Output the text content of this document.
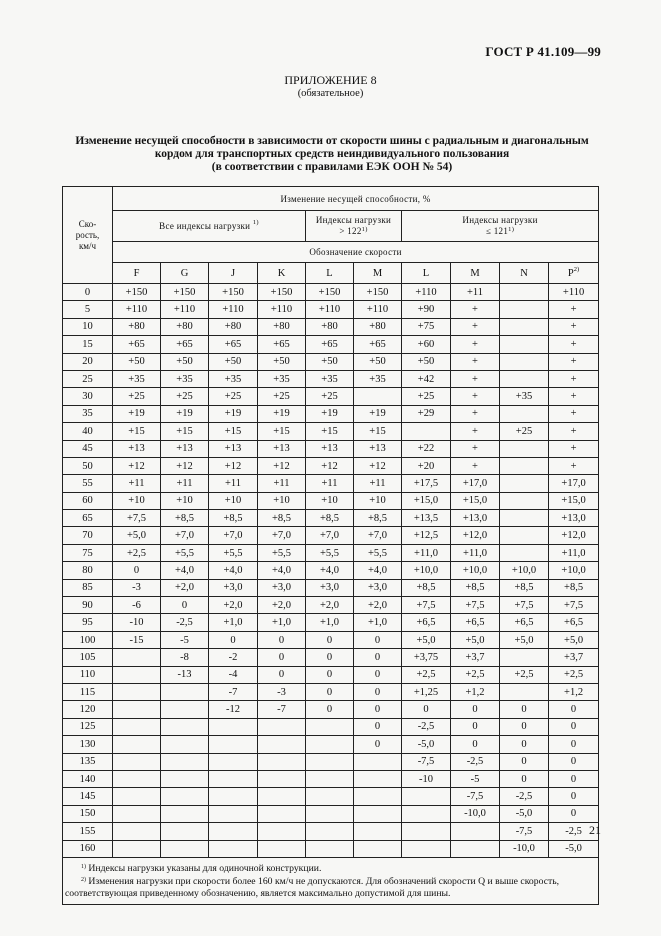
ГОСТ Р 41.109—99
ПРИЛОЖЕНИЕ 8
(обязательное)
Изменение несущей способности в зависимости от скорости шины с радиальным и диагональным
кордом для транспортных средств неиндивидуального пользования
(в соответствии с правилами ЕЭК ООН № 54)
Ско-
рость,
км/ч	Изменение несущей способности, %									
	Все индексы нагрузки $^{1)}$				Индексы нагрузки
> $122^{1)}$		Индексы нагрузки
≤ $121^{1)}$
	Обозначение скорости									
	F	G	J	K	L	M	L	M	N	$P^{2)}$
0	+150	+150	+150	+150	+150	+150	+110	+11		+110
5	+110	+110	+110	+110	+110	+110	+90	+		+
10	+80	+80	+80	+80	+80	+80	+75	+		+
15	+65	+65	+65	+65	+65	+65	+60	+		+
20	+50	+50	+50	+50	+50	+50	+50	+		+
25	+35	+35	+35	+35	+35	+35	+42	+		+
30	+25	+25	+25	+25	+25		+25	+	+35	+
35	+19	+19	+19	+19	+19	+19	+29	+		+
40	+15	+15	+15	+15	+15	+15		+	+25	+
45	+13	+13	+13	+13	+13	+13	+22	+		+
50	+12	+12	+12	+12	+12	+12	+20	+		+
55	+11	+11	+11	+11	+11	+11	+17,5	+17,0		+17,0
60	+10	+10	+10	+10	+10	+10	+15,0	+15,0		+15,0
65	+7,5	+8,5	+8,5	+8,5	+8,5	+8,5	+13,5	+13,0		+13,0
70	+5,0	+7,0	+7,0	+7,0	+7,0	+7,0	+12,5	+12,0		+12,0
75	+2,5	+5,5	+5,5	+5,5	+5,5	+5,5	+11,0	+11,0		+11,0
80	0	+4,0	+4,0	+4,0	+4,0	+4,0	+10,0	+10,0	+10,0	+10,0
85	-3	+2,0	+3,0	+3,0	+3,0	+3,0	+8,5	+8,5	+8,5	+8,5
90	-6	0	+2,0	+2,0	+2,0	+2,0	+7,5	+7,5	+7,5	+7,5
95	-10	-2,5	+1,0	+1,0	+1,0	+1,0	+6,5	+6,5	+6,5	+6,5
100	-15	-5	0	0	0	0	+5,0	+5,0	+5,0	+5,0
105		-8	-2	0	0	0	+3,75	+3,7		+3,7
110		-13	-4	0	0	0	+2,5	+2,5	+2,5	+2,5
115			-7	-3	0	0	+1,25	+1,2		+1,2
120			-12	-7	0	0	0	0	0	0
125						0	-2,5	0	0	0
130						0	-5,0	0	0	0
135							-7,5	-2,5	0	0
140							-10	-5	0	0
145								-7,5	-2,5	0
150								-10,0	-5,0	0
155									-7,5	-2,5
160									-10,0	-5,0

$^{1)}$ Индексы нагрузки указаны для одиночной конструкции.
$^{2)}$ Изменения нагрузки при скорости более 160 км/ч не допускаются. Для обозначений скорости Q и выше скорость, соответствующая приведенному обозначению, является максимально допустимой для шины.										
21
